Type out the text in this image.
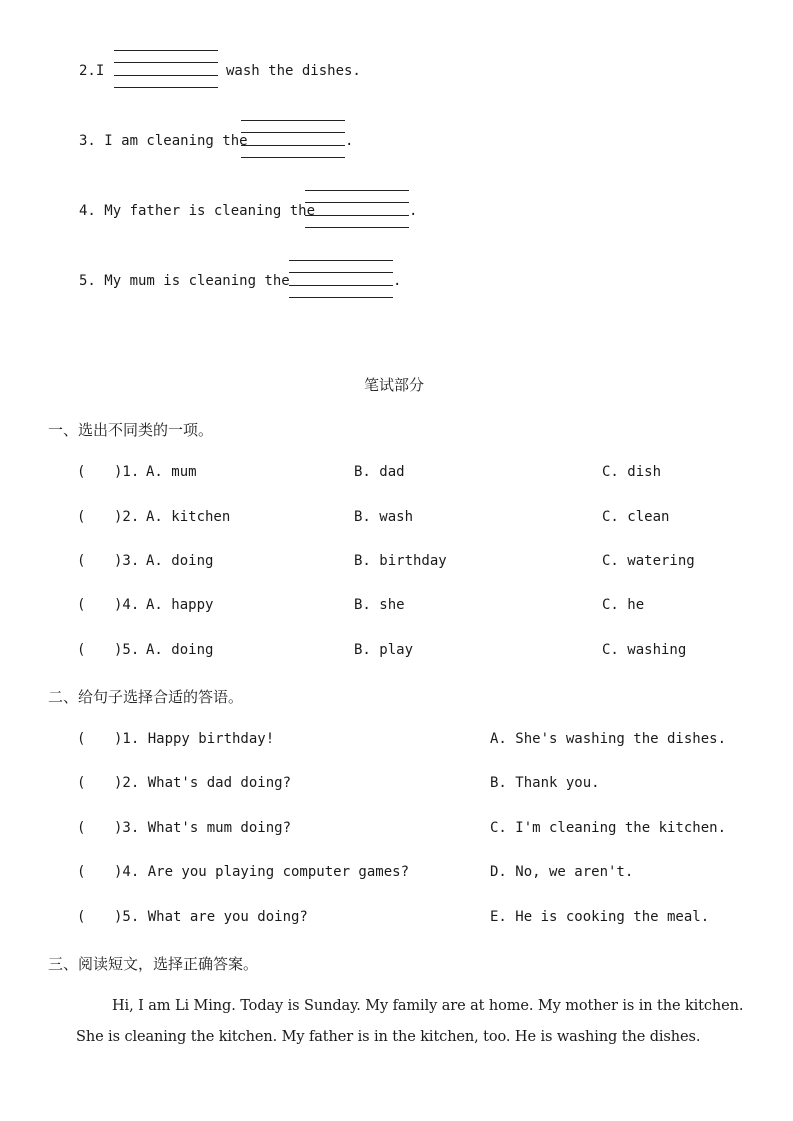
2.I	wash the dishes.
3. I am cleaning the	.
4. My father is cleaning the	.
5. My mum is cleaning the	.
笔试部分
一、选出不同类的一项。
( )1. A. mum	B. dad	C. dish
( )2. A. kitchen	B. wash	C. clean
( )3. A. doing	B. birthday	C. watering
( )4. A. happy	B. she	C. he
( )5. A. doing	B. play	C. washing
二、给句子选择合适的答语。
( )1. Happy birthday!	A. She's washing the dishes.
( )2. What's dad doing?	B. Thank you.
( )3. What's mum doing?	C. I'm cleaning the kitchen.
( )4. Are you playing computer games?	D. No, we aren't.
( )5. What are you doing?	E. He is cooking the meal.
三、阅读短文，选择正确答案。
Hi, I am Li Ming. Today is Sunday. My family are at home. My mother is in the kitchen.
She is cleaning the kitchen. My father is in the kitchen, too. He is washing the dishes.
